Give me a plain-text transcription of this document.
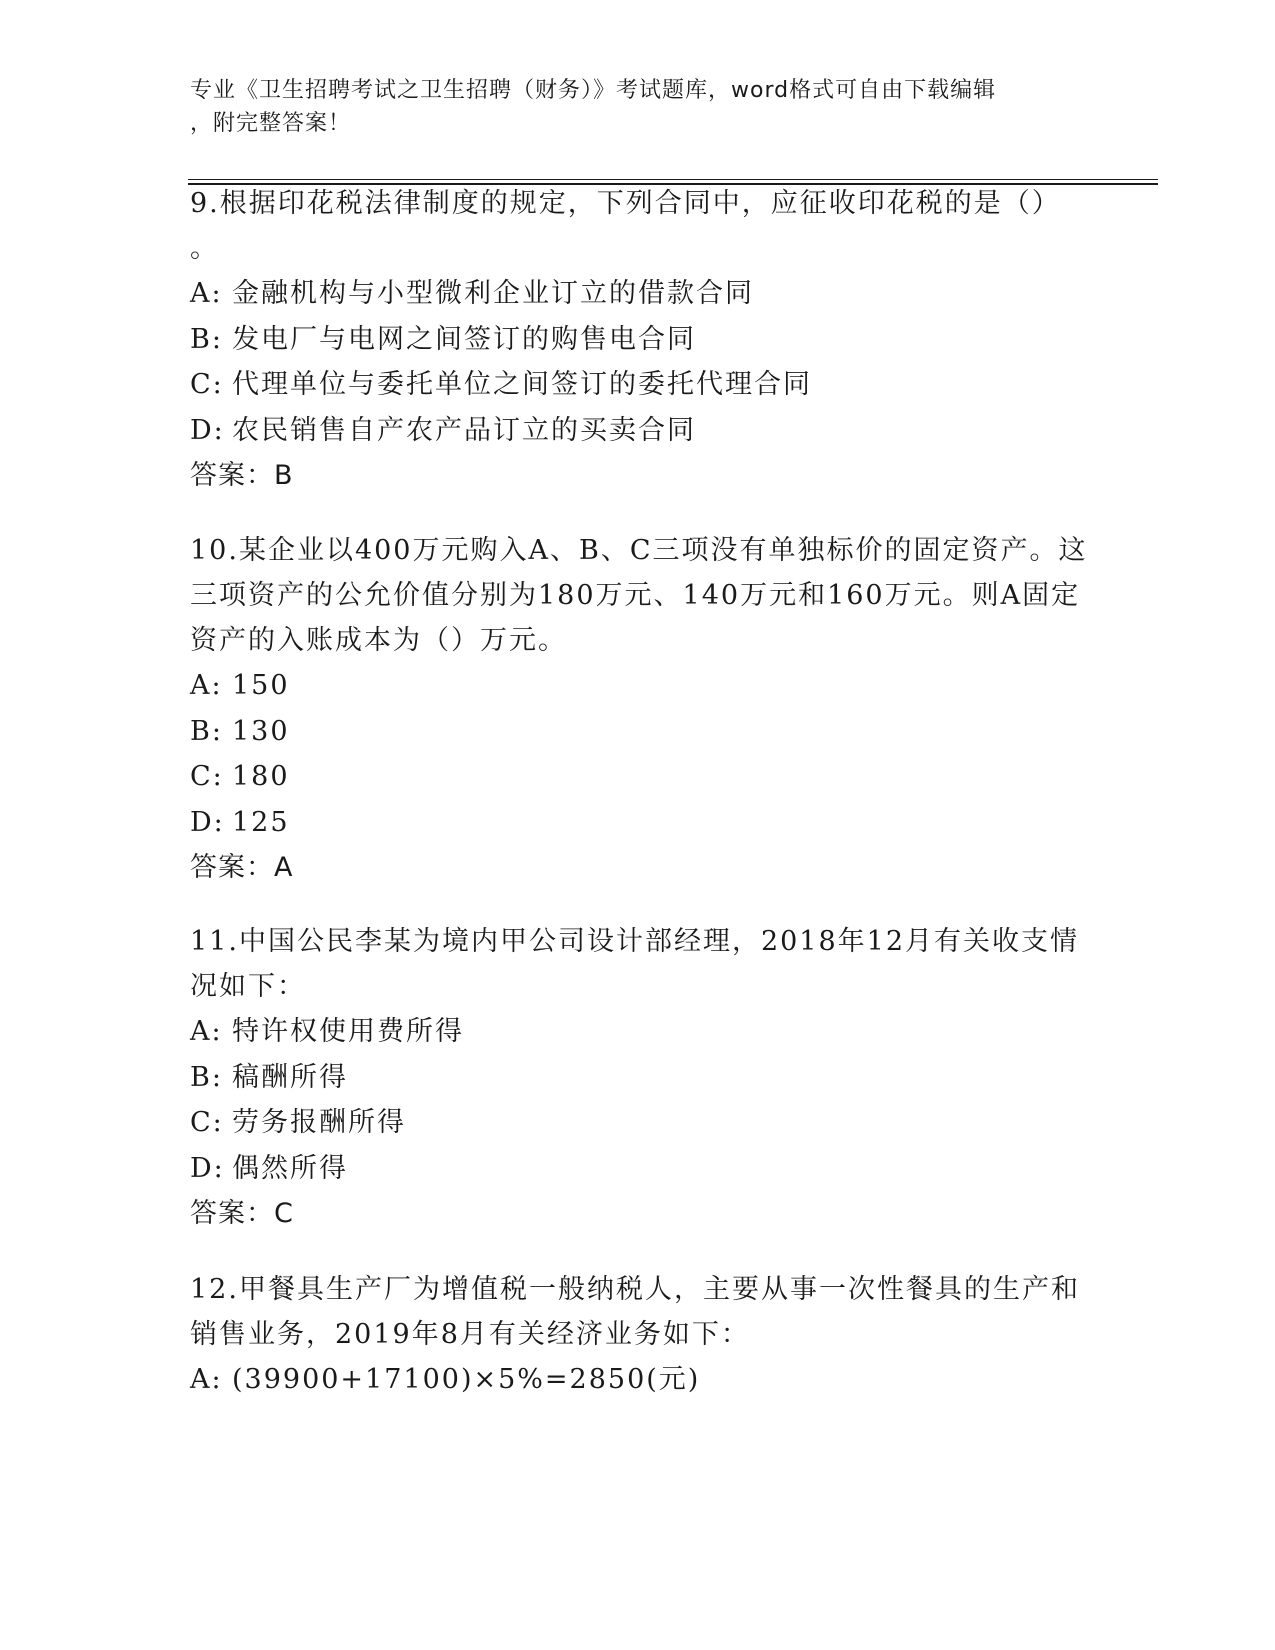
专业《卫生招聘考试之卫生招聘（财务）》考试题库，word格式可自由下载编辑
，附完整答案！

9.根据印花税法律制度的规定，下列合同中，应征收印花税的是（）

。

A: 金融机构与小型微利企业订立的借款合同

B: 发电厂与电网之间签订的购售电合同

C: 代理单位与委托单位之间签订的委托代理合同

D: 农民销售自产农产品订立的买卖合同

答案：B

10.某企业以400万元购入A、B、C三项没有单独标价的固定资产。这

三项资产的公允价值分别为180万元、140万元和160万元。则A固定

资产的入账成本为（）万元。

A: 150

B: 130

C: 180

D: 125

答案：A

11.中国公民李某为境内甲公司设计部经理，2018年12月有关收支情

况如下：

A: 特许权使用费所得

B: 稿酬所得

C: 劳务报酬所得

D: 偶然所得

答案：C

12.甲餐具生产厂为增值税一般纳税人，主要从事一次性餐具的生产和

销售业务，2019年8月有关经济业务如下：

A: (39900+17100)×5%=2850(元)
